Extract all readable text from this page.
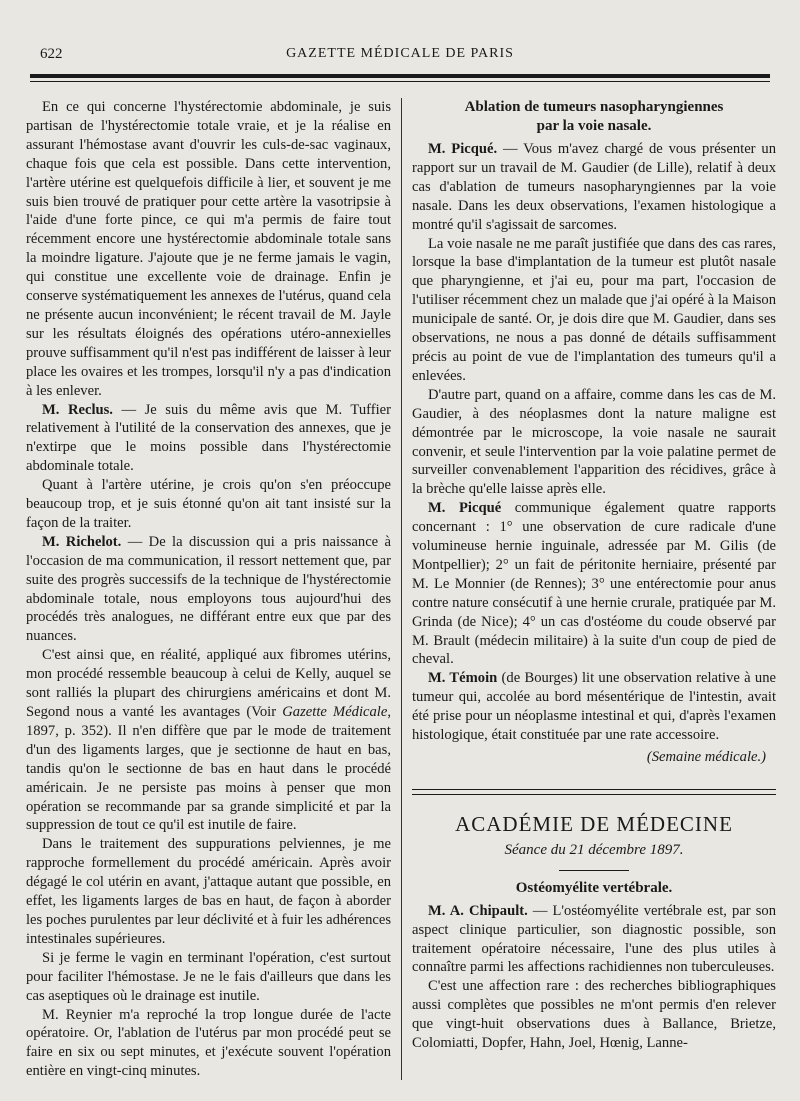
622	GAZETTE MÉDICALE DE PARIS

En ce qui concerne l'hystérectomie abdominale, je suis partisan de l'hystérectomie totale vraie, et je la réalise en assurant l'hémostase avant d'ouvrir les culs-de-sac vaginaux, chaque fois que cela est possible. Dans cette intervention, l'artère utérine est quelquefois difficile à lier, et souvent je me suis bien trouvé de pratiquer pour cette artère la vasotripsie à l'aide d'une forte pince, ce qui m'a permis de faire tout récemment encore une hystérectomie abdominale totale sans la moindre ligature. J'ajoute que je ne ferme jamais le vagin, qui constitue une excellente voie de drainage. Enfin je conserve systématiquement les annexes de l'utérus, quand cela ne présente aucun inconvénient; le récent travail de M. Jayle sur les résultats éloignés des opérations utéro-annexielles prouve suffisamment qu'il n'est pas indifférent de laisser à leur place les ovaires et les trompes, lorsqu'il n'y a pas d'indication à les enlever.

M. Reclus. — Je suis du même avis que M. Tuffier relativement à l'utilité de la conservation des annexes, que je n'extirpe que le moins possible dans l'hystérectomie abdominale totale.

Quant à l'artère utérine, je crois qu'on s'en préoccupe beaucoup trop, et je suis étonné qu'on ait tant insisté sur la façon de la traiter.

M. Richelot. — De la discussion qui a pris naissance à l'occasion de ma communication, il ressort nettement que, par suite des progrès successifs de la technique de l'hystérectomie abdominale totale, nous employons tous aujourd'hui des procédés très analogues, ne différant entre eux que par des nuances.

C'est ainsi que, en réalité, appliqué aux fibromes utérins, mon procédé ressemble beaucoup à celui de Kelly, auquel se sont ralliés la plupart des chirurgiens américains et dont M. Segond nous a vanté les avantages (Voir Gazette Médicale, 1897, p. 352). Il n'en diffère que par le mode de traitement d'un des ligaments larges, que je sectionne de haut en bas, tandis qu'on le sectionne de bas en haut dans le procédé américain. Je ne persiste pas moins à penser que mon opération se recommande par sa grande simplicité et par la suppression de tout ce qu'il est inutile de faire.

Dans le traitement des suppurations pelviennes, je me rapproche formellement du procédé américain. Après avoir dégagé le col utérin en avant, j'attaque autant que possible, en effet, les ligaments larges de bas en haut, de façon à aborder les poches purulentes par leur déclivité et à fuir les adhérences intestinales supérieures.

Si je ferme le vagin en terminant l'opération, c'est surtout pour faciliter l'hémostase. Je ne le fais d'ailleurs que dans les cas aseptiques où le drainage est inutile.

M. Reynier m'a reproché la trop longue durée de l'acte opératoire. Or, l'ablation de l'utérus par mon procédé peut se faire en six ou sept minutes, et j'exécute souvent l'opération entière en vingt-cinq minutes.

Ablation de tumeurs nasopharyngiennes
par la voie nasale.

M. Picqué. — Vous m'avez chargé de vous présenter un rapport sur un travail de M. Gaudier (de Lille), relatif à deux cas d'ablation de tumeurs nasopharyngiennes par la voie nasale. Dans les deux observations, l'examen histologique a montré qu'il s'agissait de sarcomes.

La voie nasale ne me paraît justifiée que dans des cas rares, lorsque la base d'implantation de la tumeur est plutôt nasale que pharyngienne, et j'ai eu, pour ma part, l'occasion de l'utiliser récemment chez un malade que j'ai opéré à la Maison municipale de santé. Or, je dois dire que M. Gaudier, dans ses observations, ne nous a pas donné de détails suffisamment précis au point de vue de l'implantation des tumeurs qu'il a enlevées.

D'autre part, quand on a affaire, comme dans les cas de M. Gaudier, à des néoplasmes dont la nature maligne est démontrée par le microscope, la voie nasale ne saurait convenir, et seule l'intervention par la voie palatine permet de surveiller convenablement l'apparition des récidives, grâce à la brèche qu'elle laisse après elle.

M. Picqué communique également quatre rapports concernant : 1° une observation de cure radicale d'une volumineuse hernie inguinale, adressée par M. Gilis (de Montpellier); 2° un fait de péritonite herniaire, présenté par M. Le Monnier (de Rennes); 3° une entérectomie pour anus contre nature consécutif à une hernie crurale, pratiquée par M. Grinda (de Nice); 4° un cas d'ostéome du coude observé par M. Brault (médecin militaire) à la suite d'un coup de pied de cheval.

M. Témoin (de Bourges) lit une observation relative à une tumeur qui, accolée au bord mésentérique de l'intestin, avait été prise pour un néoplasme intestinal et qui, d'après l'examen histologique, était constituée par une rate accessoire.

(Semaine médicale.)
ACADÉMIE DE MÉDECINE
Séance du 21 décembre 1897.
Ostéomyélite vertébrale.

M. A. Chipault. — L'ostéomyélite vertébrale est, par son aspect clinique particulier, son diagnostic possible, son traitement opératoire nécessaire, l'une des plus utiles à connaître parmi les affections rachidiennes non tuberculeuses.

C'est une affection rare : des recherches bibliographiques aussi complètes que possibles ne m'ont permis d'en relever que vingt-huit observations dues à Ballance, Brietze, Colomiatti, Dopfer, Hahn, Joel, Hœnig, Lanne-
